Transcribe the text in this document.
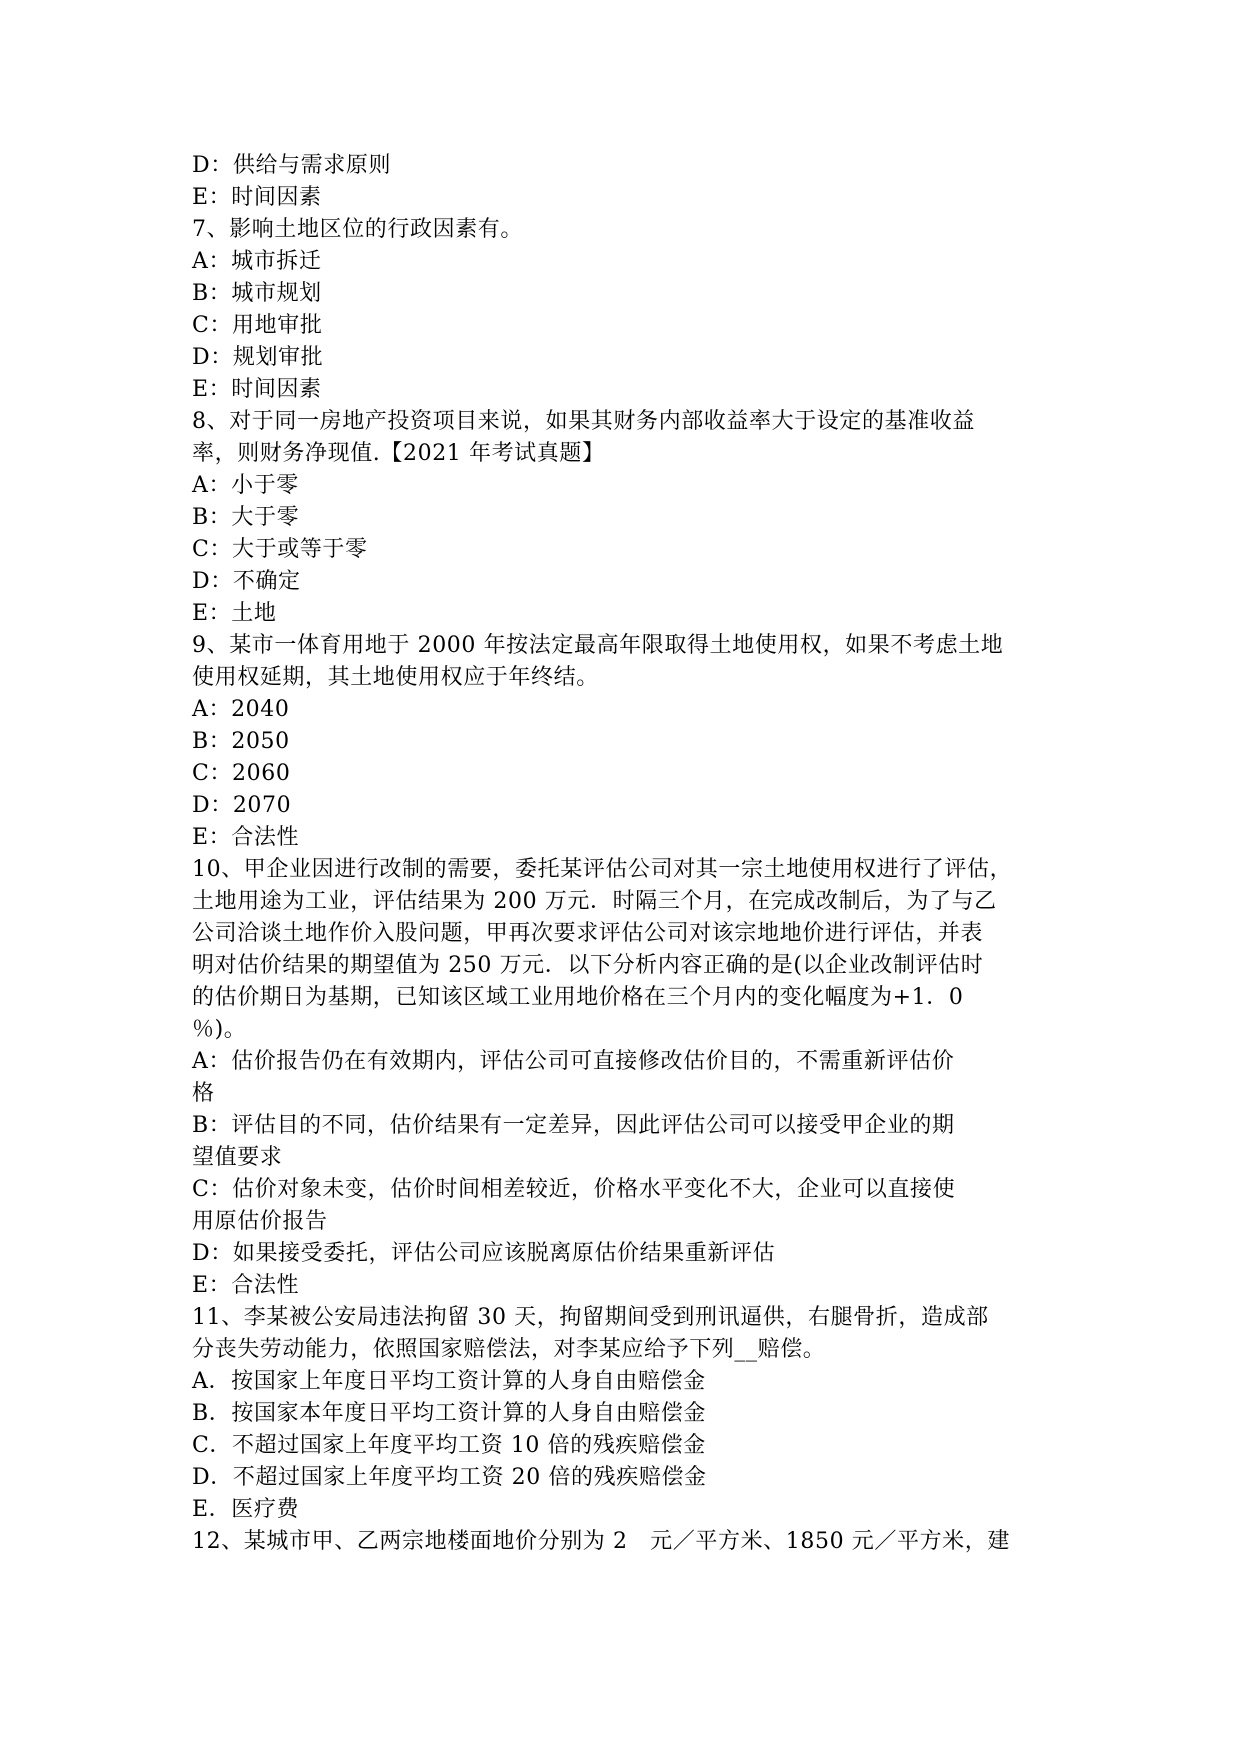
D：供给与需求原则
E：时间因素
7、影响土地区位的行政因素有。
A：城市拆迁
B：城市规划
C：用地审批
D：规划审批
E：时间因素
8、对于同一房地产投资项目来说，如果其财务内部收益率大于设定的基准收益
率，则财务净现值.【2021 年考试真题】
A：小于零
B：大于零
C：大于或等于零
D：不确定
E：土地
9、某市一体育用地于 2000 年按法定最高年限取得土地使用权，如果不考虑土地
使用权延期，其土地使用权应于年终结。
A：2040
B：2050
C：2060
D：2070
E：合法性
10、甲企业因进行改制的需要，委托某评估公司对其一宗土地使用权进行了评估，
土地用途为工业，评估结果为 200 万元．时隔三个月，在完成改制后，为了与乙
公司洽谈土地作价入股问题，甲再次要求评估公司对该宗地地价进行评估，并表
明对估价结果的期望值为 250 万元．以下分析内容正确的是(以企业改制评估时
的估价期日为基期，已知该区域工业用地价格在三个月内的变化幅度为+1．0
％)。
A：估价报告仍在有效期内，评估公司可直接修改估价目的，不需重新评估价
格
B：评估目的不同，估价结果有一定差异，因此评估公司可以接受甲企业的期
望值要求
C：估价对象未变，估价时间相差较近，价格水平变化不大，企业可以直接使
用原估价报告
D：如果接受委托，评估公司应该脱离原估价结果重新评估
E：合法性
11、李某被公安局违法拘留 30 天，拘留期间受到刑讯逼供，右腿骨折，造成部
分丧失劳动能力，依照国家赔偿法，对李某应给予下列__赔偿。
A．按国家上年度日平均工资计算的人身自由赔偿金
B．按国家本年度日平均工资计算的人身自由赔偿金
C．不超过国家上年度平均工资 10 倍的残疾赔偿金
D．不超过国家上年度平均工资 20 倍的残疾赔偿金
E．医疗费
12、某城市甲、乙两宗地楼面地价分别为 2　元／平方米、1850 元／平方米，建
